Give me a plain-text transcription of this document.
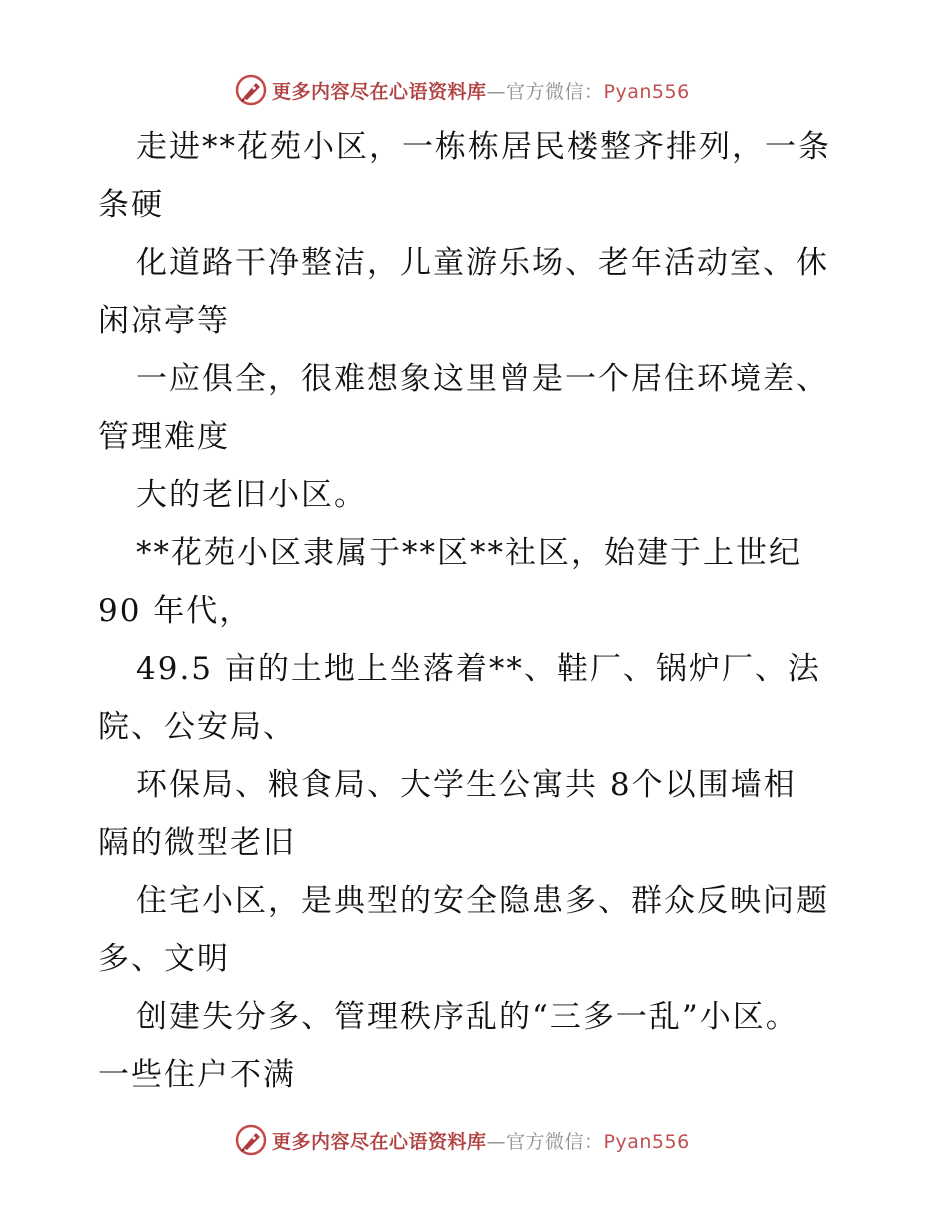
更多内容尽在心语资料库—官方微信：Pyan556
走进**花苑小区，一栋栋居民楼整齐排列，一条
条硬
化道路干净整洁，儿童游乐场、老年活动室、休
闲凉亭等
一应俱全，很难想象这里曾是一个居住环境差、
管理难度
大的老旧小区。
**花苑小区隶属于**区**社区，始建于上世纪
90 年代，
49.5 亩的土地上坐落着**、鞋厂、锅炉厂、法
院、公安局、
环保局、粮食局、大学生公寓共 8个以围墙相
隔的微型老旧
住宅小区，是典型的安全隐患多、群众反映问题
多、文明
创建失分多、管理秩序乱的“三多一乱”小区。
一些住户不满
更多内容尽在心语资料库—官方微信：Pyan556
